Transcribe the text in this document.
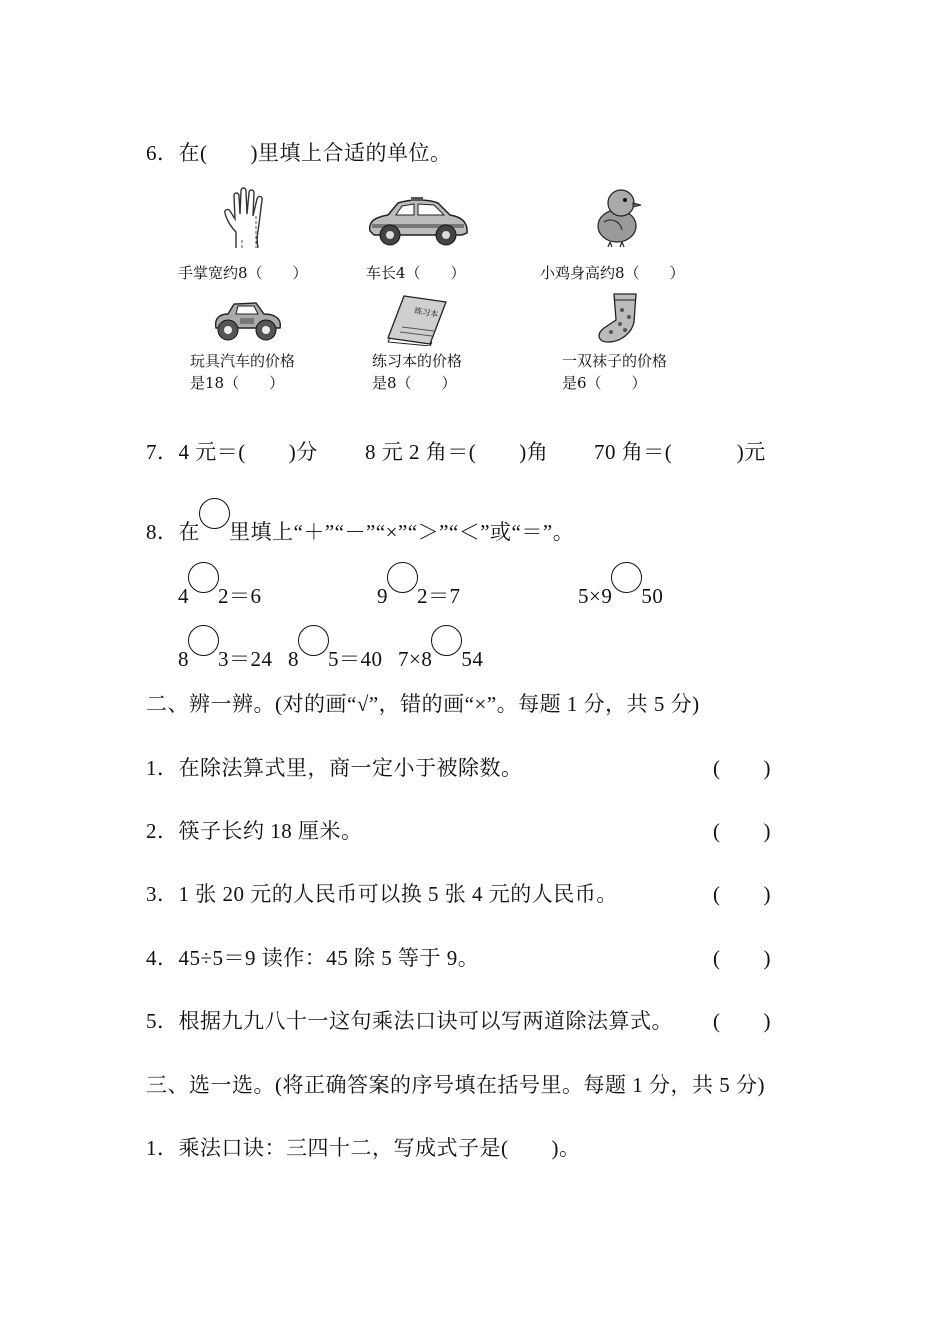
6．在(　　)里填上合适的单位。
手掌宽约8（　　）	车长4（　　）	小鸡身高约8（　　）
玩具汽车的价格
是18（　　）
练习本
练习本的价格
是8（　　）
一双袜子的价格
是6（　　）
7．4 元＝(　　)分 8 元 2 角＝(　　)角 70 角＝(　　　)元
8．在 里填上“＋”“－”“×”“＞”“＜”或“＝”。
4 2＝6	9 2＝7	5×9 50
8 3＝24 8 5＝40 7×8 54
二、辨一辨。(对的画“√”，错的画“×”。每题 1 分，共 5 分)
1．在除法算式里，商一定小于被除数。	(　　)
2．筷子长约 18 厘米。	(　　)
3．1 张 20 元的人民币可以换 5 张 4 元的人民币。	(　　)
4．45÷5＝9 读作：45 除 5 等于 9。	(　　)
5．根据九九八十一这句乘法口诀可以写两道除法算式。 (　　)
三、选一选。(将正确答案的序号填在括号里。每题 1 分，共 5 分)
1．乘法口诀：三四十二，写成式子是(　　)。
